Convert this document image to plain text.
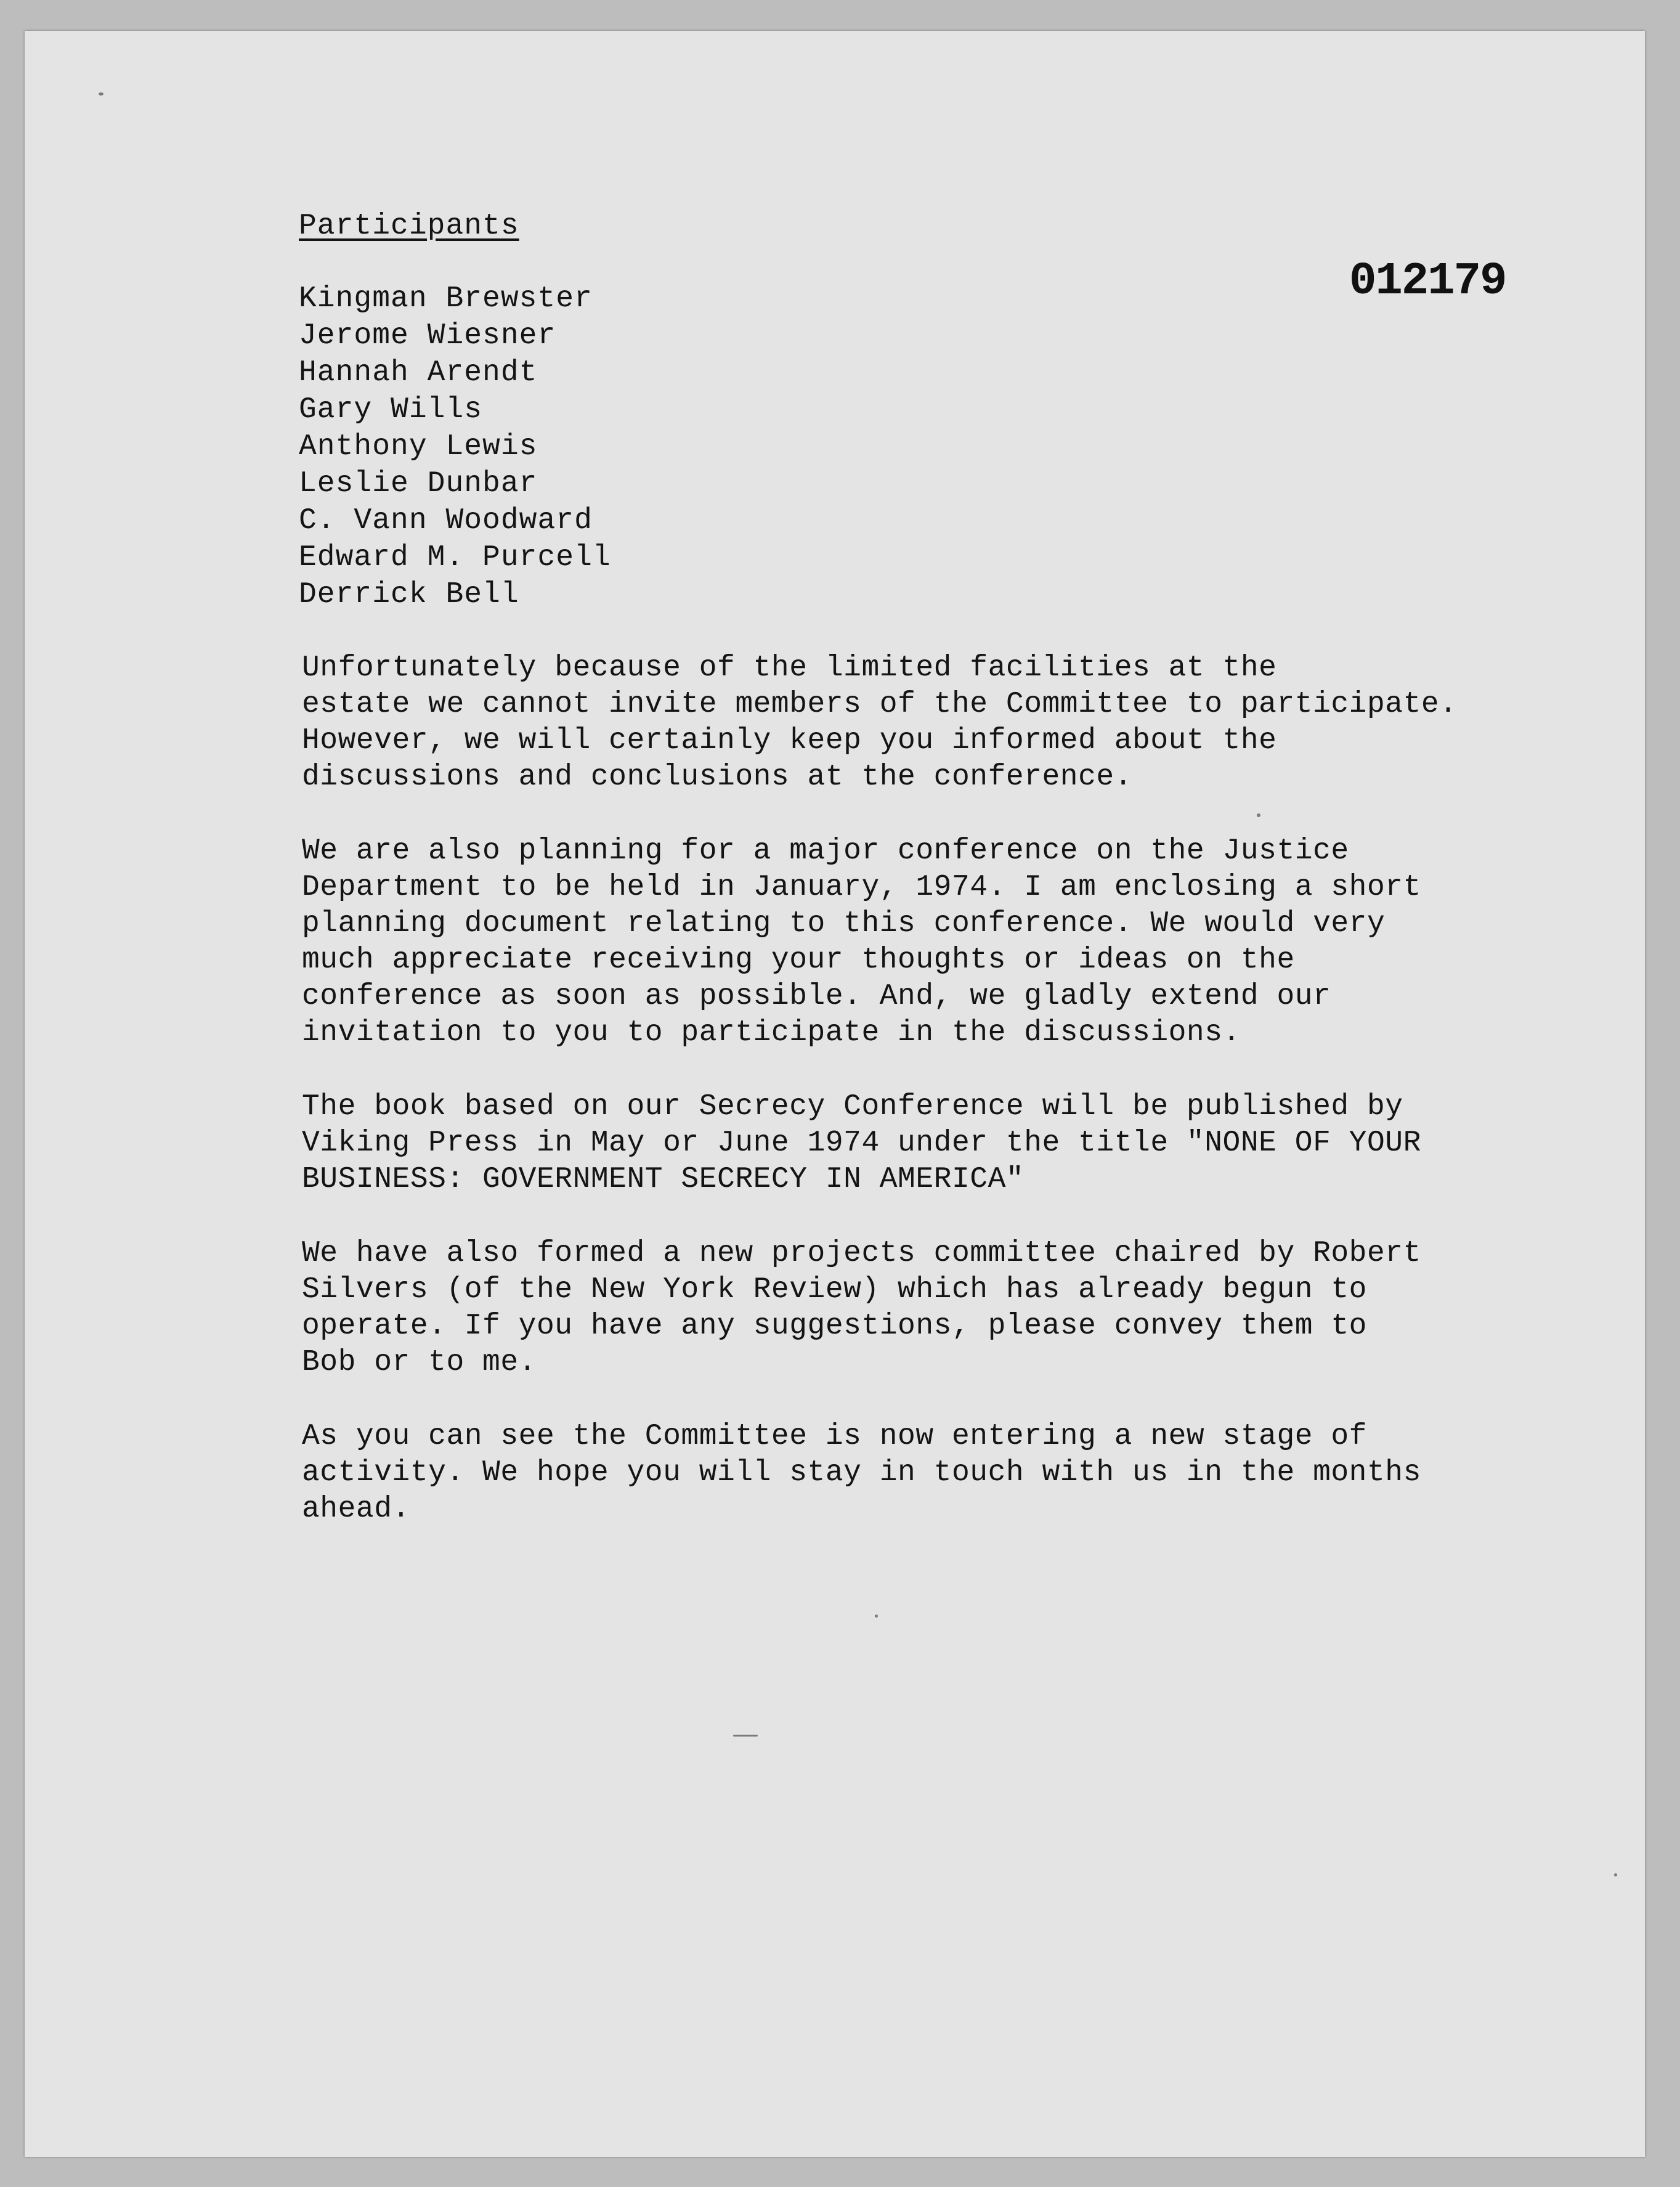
Participants
012179
Kingman Brewster
Jerome Wiesner
Hannah Arendt
Gary Wills
Anthony Lewis
Leslie Dunbar
C. Vann Woodward
Edward M. Purcell
Derrick Bell

Unfortunately because of the limited facilities at the
estate we cannot invite members of the Committee to participate.
However, we will certainly keep you informed about the
discussions and conclusions at the conference.

We are also planning for a major conference on the Justice
Department to be held in January, 1974. I am enclosing a short
planning document relating to this conference. We would very
much appreciate receiving your thoughts or ideas on the
conference as soon as possible. And, we gladly extend our
invitation to you to participate in the discussions.

The book based on our Secrecy Conference will be published by
Viking Press in May or June 1974 under the title "NONE OF YOUR
BUSINESS: GOVERNMENT SECRECY IN AMERICA"

We have also formed a new projects committee chaired by Robert
Silvers (of the New York Review) which has already begun to
operate. If you have any suggestions, please convey them to
Bob or to me.

As you can see the Committee is now entering a new stage of
activity. We hope you will stay in touch with us in the months
ahead.
